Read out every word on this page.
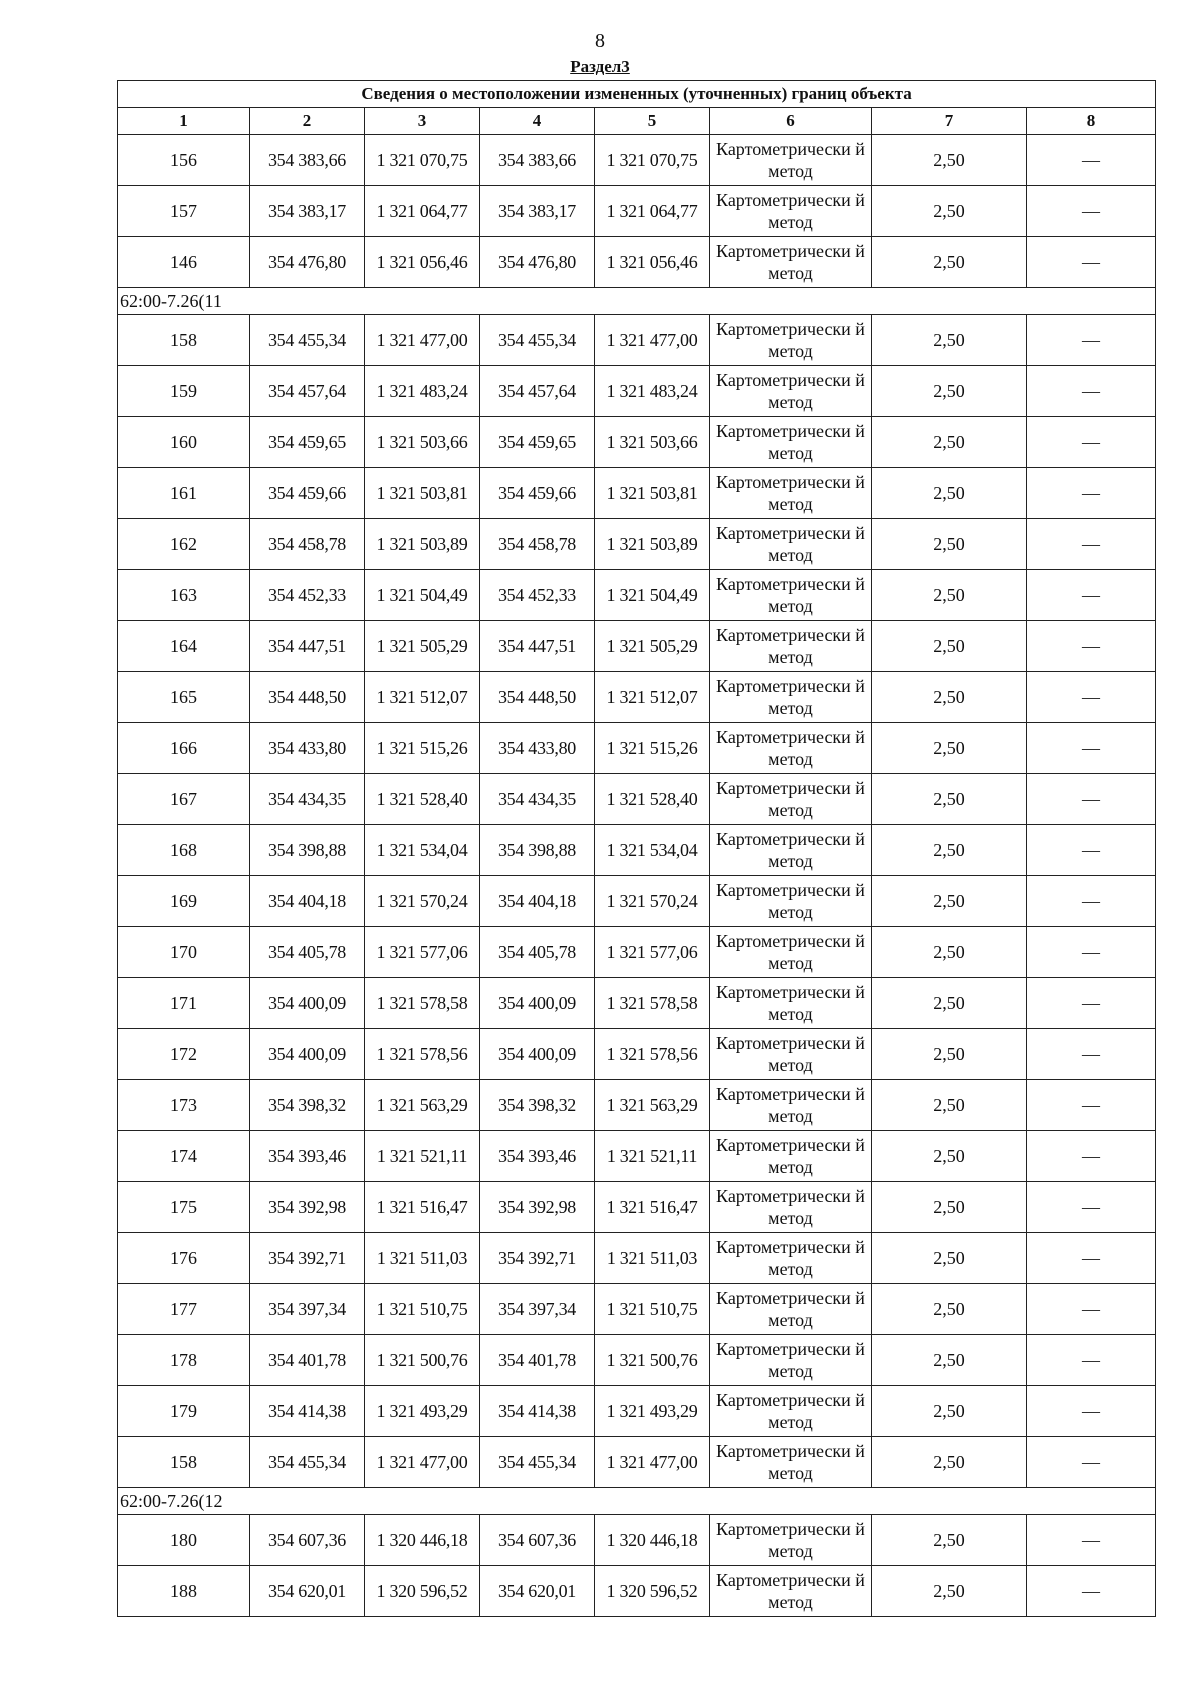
8
Раздел3
Сведения о местоположении измененных (уточненных) границ объекта							
1	2	3	4	5	6	7	8
156	354 383,66	1 321 070,75	354 383,66	1 321 070,75	Картометрически й метод	2,50	—
157	354 383,17	1 321 064,77	354 383,17	1 321 064,77	Картометрически й метод	2,50	—
146	354 476,80	1 321 056,46	354 476,80	1 321 056,46	Картометрически й метод	2,50	—
62:00-7.26(11							
158	354 455,34	1 321 477,00	354 455,34	1 321 477,00	Картометрически й метод	2,50	—
159	354 457,64	1 321 483,24	354 457,64	1 321 483,24	Картометрически й метод	2,50	—
160	354 459,65	1 321 503,66	354 459,65	1 321 503,66	Картометрически й метод	2,50	—
161	354 459,66	1 321 503,81	354 459,66	1 321 503,81	Картометрически й метод	2,50	—
162	354 458,78	1 321 503,89	354 458,78	1 321 503,89	Картометрически й метод	2,50	—
163	354 452,33	1 321 504,49	354 452,33	1 321 504,49	Картометрически й метод	2,50	—
164	354 447,51	1 321 505,29	354 447,51	1 321 505,29	Картометрически й метод	2,50	—
165	354 448,50	1 321 512,07	354 448,50	1 321 512,07	Картометрически й метод	2,50	—
166	354 433,80	1 321 515,26	354 433,80	1 321 515,26	Картометрически й метод	2,50	—
167	354 434,35	1 321 528,40	354 434,35	1 321 528,40	Картометрически й метод	2,50	—
168	354 398,88	1 321 534,04	354 398,88	1 321 534,04	Картометрически й метод	2,50	—
169	354 404,18	1 321 570,24	354 404,18	1 321 570,24	Картометрически й метод	2,50	—
170	354 405,78	1 321 577,06	354 405,78	1 321 577,06	Картометрически й метод	2,50	—
171	354 400,09	1 321 578,58	354 400,09	1 321 578,58	Картометрически й метод	2,50	—
172	354 400,09	1 321 578,56	354 400,09	1 321 578,56	Картометрически й метод	2,50	—
173	354 398,32	1 321 563,29	354 398,32	1 321 563,29	Картометрически й метод	2,50	—
174	354 393,46	1 321 521,11	354 393,46	1 321 521,11	Картометрически й метод	2,50	—
175	354 392,98	1 321 516,47	354 392,98	1 321 516,47	Картометрически й метод	2,50	—
176	354 392,71	1 321 511,03	354 392,71	1 321 511,03	Картометрически й метод	2,50	—
177	354 397,34	1 321 510,75	354 397,34	1 321 510,75	Картометрически й метод	2,50	—
178	354 401,78	1 321 500,76	354 401,78	1 321 500,76	Картометрически й метод	2,50	—
179	354 414,38	1 321 493,29	354 414,38	1 321 493,29	Картометрически й метод	2,50	—
158	354 455,34	1 321 477,00	354 455,34	1 321 477,00	Картометрически й метод	2,50	—
62:00-7.26(12							
180	354 607,36	1 320 446,18	354 607,36	1 320 446,18	Картометрически й метод	2,50	—
188	354 620,01	1 320 596,52	354 620,01	1 320 596,52	Картометрически й метод	2,50	—
